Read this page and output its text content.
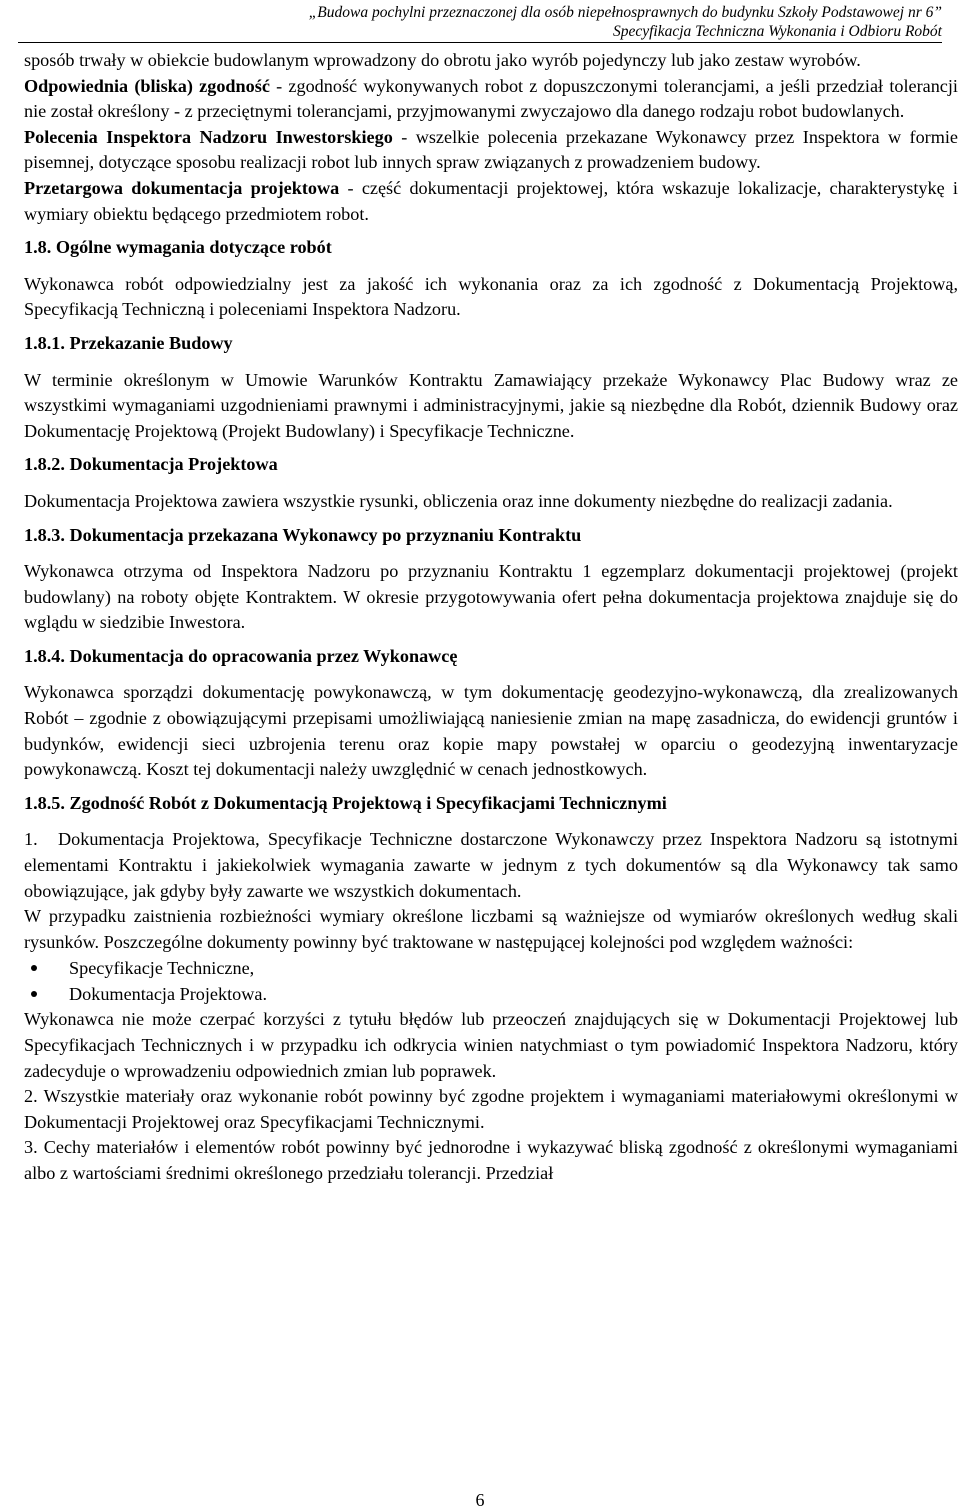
„Budowa pochylni przeznaczonej dla osób niepełnosprawnych do budynku Szkoły Podstawowej nr 6”
Specyfikacja Techniczna Wykonania i Odbioru Robót

sposób trwały w obiekcie budowlanym wprowadzony do obrotu jako wyrób pojedynczy lub jako zestaw wyrobów.

Odpowiednia (bliska) zgodność - zgodność wykonywanych robot z dopuszczonymi tolerancjami, a jeśli przedział tolerancji nie został określony - z przeciętnymi tolerancjami, przyjmowanymi zwyczajowo dla danego rodzaju robot budowlanych.

Polecenia Inspektora Nadzoru Inwestorskiego - wszelkie polecenia przekazane Wykonawcy przez Inspektora w formie pisemnej, dotyczące sposobu realizacji robot lub innych spraw związanych z prowadzeniem budowy.

Przetargowa dokumentacja projektowa - część dokumentacji projektowej, która wskazuje lokalizacje, charakterystykę i wymiary obiektu będącego przedmiotem robot.

1.8. Ogólne wymagania dotyczące robót

Wykonawca robót odpowiedzialny jest za jakość ich wykonania oraz za ich zgodność z Dokumentacją Projektową, Specyfikacją Techniczną i poleceniami Inspektora Nadzoru.

1.8.1. Przekazanie Budowy

W terminie określonym w Umowie Warunków Kontraktu Zamawiający przekaże Wykonawcy Plac Budowy wraz ze wszystkimi wymaganiami uzgodnieniami prawnymi i administracyjnymi, jakie są niezbędne dla Robót, dziennik Budowy oraz Dokumentację Projektową (Projekt Budowlany) i Specyfikacje Techniczne.

1.8.2. Dokumentacja Projektowa

Dokumentacja Projektowa zawiera wszystkie rysunki, obliczenia oraz inne dokumenty niezbędne do realizacji zadania.

1.8.3. Dokumentacja przekazana Wykonawcy po przyznaniu Kontraktu

Wykonawca otrzyma od Inspektora Nadzoru po przyznaniu Kontraktu 1 egzemplarz dokumentacji projektowej (projekt budowlany) na roboty objęte Kontraktem. W okresie przygotowywania ofert pełna dokumentacja projektowa znajduje się do wglądu w siedzibie Inwestora.

1.8.4. Dokumentacja do opracowania przez Wykonawcę

Wykonawca sporządzi dokumentację powykonawczą, w tym dokumentację geodezyjno-wykonawczą, dla zrealizowanych Robót – zgodnie z obowiązującymi przepisami umożliwiającą naniesienie zmian na mapę zasadnicza, do ewidencji gruntów i budynków, ewidencji sieci uzbrojenia terenu oraz kopie mapy powstałej w oparciu o geodezyjną inwentaryzacje powykonawczą. Koszt tej dokumentacji należy uwzględnić w cenach jednostkowych.

1.8.5. Zgodność Robót z Dokumentacją Projektową i Specyfikacjami Technicznymi

1. Dokumentacja Projektowa, Specyfikacje Techniczne dostarczone Wykonawczy przez Inspektora Nadzoru są istotnymi elementami Kontraktu i jakiekolwiek wymagania zawarte w jednym z tych dokumentów są dla Wykonawcy tak samo obowiązujące, jak gdyby były zawarte we wszystkich dokumentach.

W przypadku zaistnienia rozbieżności wymiary określone liczbami są ważniejsze od wymiarów określonych według skali rysunków. Poszczególne dokumenty powinny być traktowane w następującej kolejności pod względem ważności:

Specyfikacje Techniczne,
Dokumentacja Projektowa.

Wykonawca nie może czerpać korzyści z tytułu błędów lub przeoczeń znajdujących się w Dokumentacji Projektowej lub Specyfikacjach Technicznych i w przypadku ich odkrycia winien natychmiast o tym powiadomić Inspektora Nadzoru, który zadecyduje o wprowadzeniu odpowiednich zmian lub poprawek.

2. Wszystkie materiały oraz wykonanie robót powinny być zgodne projektem i wymaganiami materiałowymi określonymi w Dokumentacji Projektowej oraz Specyfikacjami Technicznymi.

3. Cechy materiałów i elementów robót powinny być jednorodne i wykazywać bliską zgodność z określonymi wymaganiami albo z wartościami średnimi określonego przedziału tolerancji. Przedział

6
